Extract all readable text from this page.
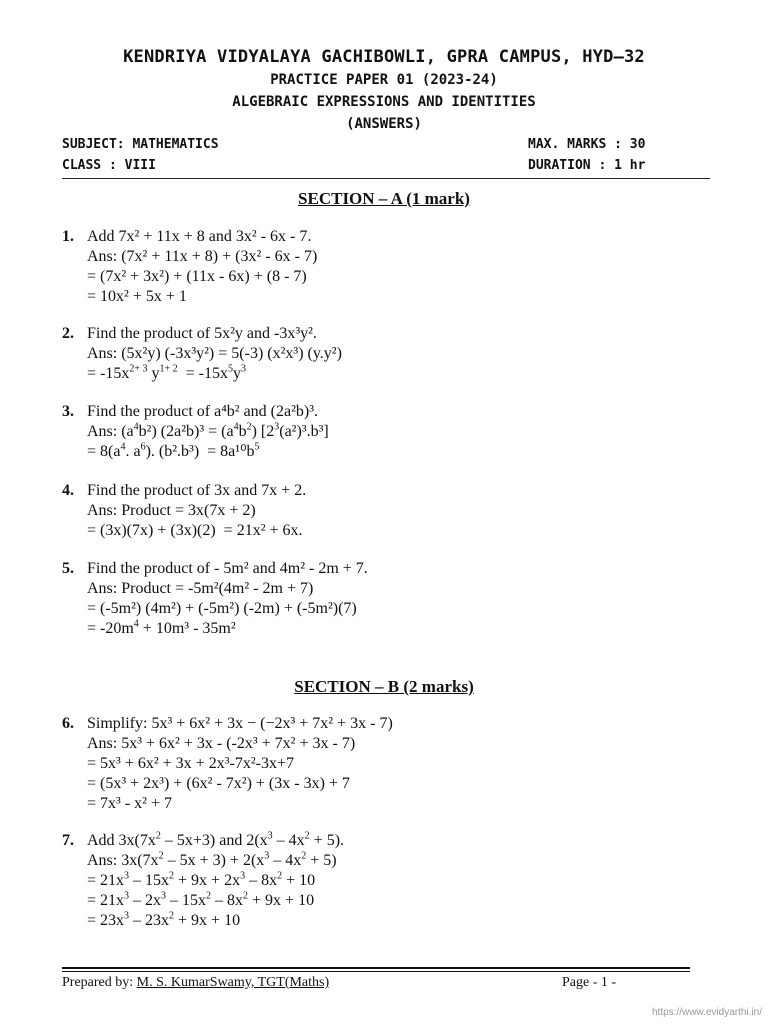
KENDRIYA VIDYALAYA GACHIBOWLI, GPRA CAMPUS, HYD–32
PRACTICE PAPER 01 (2023-24)
ALGEBRAIC EXPRESSIONS AND IDENTITIES
(ANSWERS)
SUBJECT: MATHEMATICS	MAX. MARKS : 30
CLASS : VIII	DURATION : 1 hr
SECTION – A (1 mark)
1. Add 7x² + 11x + 8 and 3x² - 6x - 7.
Ans: (7x² + 11x + 8) + (3x² - 6x - 7)
= (7x² + 3x²) + (11x - 6x) + (8 - 7)
= 10x² + 5x + 1
2. Find the product of 5x²y and -3x³y².
Ans: (5x²y) (-3x³y²) = 5(-3) (x²x³) (y.y²)
= $-15x^{2+ 3}$ $y^{1+ 2} = -15x^5y^3$
3. Find the product of a⁴b² and (2a²b)³.
Ans: $(a^4b^2) (2a^2b)^3 = (a^4b^2)$ $[2^3(a^2)^3.b^3]$
= $8(a^4$. $a^6$). $(b^2.b^3) = 8a^{10}b^5$
4. Find the product of 3x and 7x + 2.
Ans: Product = 3x(7x + 2)
= (3x)(7x) + (3x)(2)  = 21x² + 6x.
5. Find the product of - 5m² and 4m² - 2m + 7.
Ans: Product = -5m²(4m² - 2m + 7)
= (-5m²) (4m²) + (-5m²) (-2m) + (-5m²)(7)
= $-20m^4 + 10m^3 - 35m^2$
SECTION – B (2 marks)
6. Simplify: 5x³ + 6x² + 3x − (−2x³ + 7x² + 3x - 7)
Ans: 5x³ + 6x² + 3x - (-2x³ + 7x² + 3x - 7)
= 5x³ + 6x² + 3x + 2x³-7x²-3x+7
= (5x³ + 2x³) + (6x² - 7x²) + (3x - 3x) + 7
= 7x³ - x² + 7
7. Add $3x(7x^2 - 5x+3)$ and $2(x^3 - 4x^2 + 5)$.
Ans: $3x(7x^2 - 5x + 3) + 2(x^3 - 4x^2 + 5)$
= $21x^3 - 15x^2 + 9x + 2x^3 - 8x^2 + 10$
= $21x^3 - 2x^3 - 15x^2 - 8x^2 + 9x + 10$
= $23x^3 - 23x^2 + 9x + 10$
Prepared by: M. S. KumarSwamy, TGT(Maths)	Page - 1 -
https://www.evidyarthi.in/
